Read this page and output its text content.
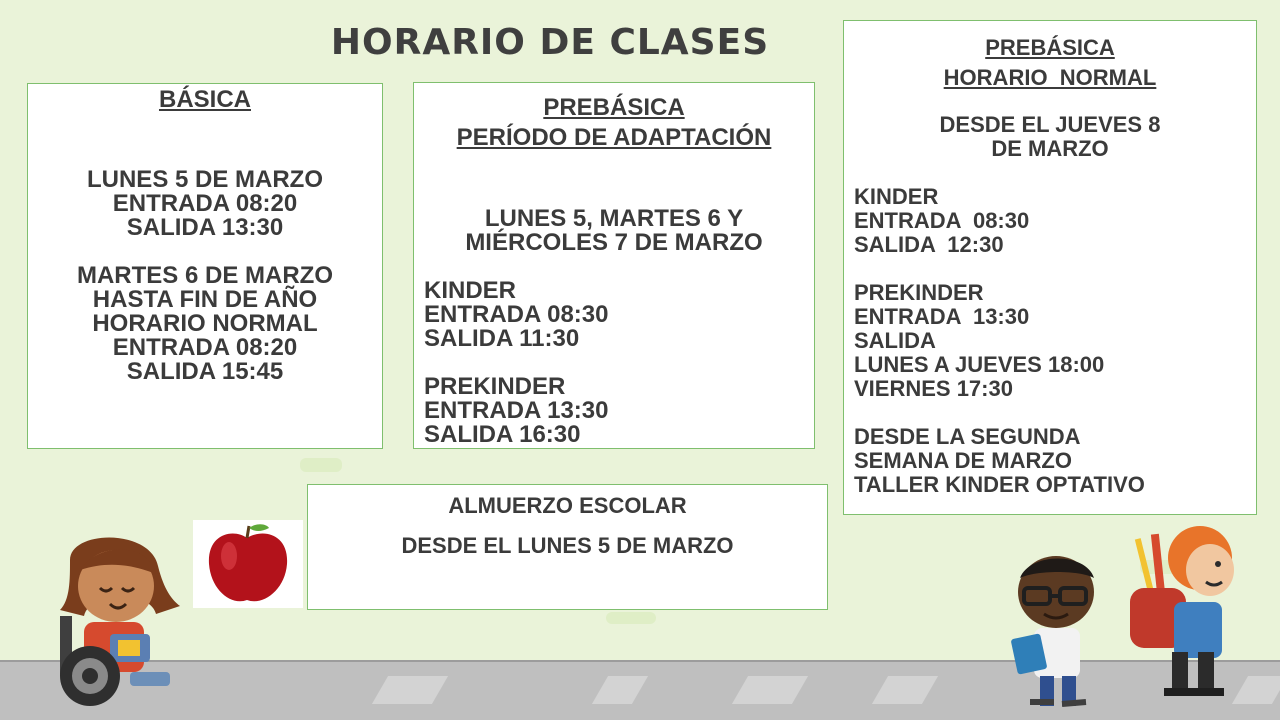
HORARIO DE CLASES
BÁSICA
LUNES 5 DE MARZO
ENTRADA 08:20
SALIDA 13:30
MARTES 6 DE MARZO
HASTA FIN DE AÑO
HORARIO NORMAL
ENTRADA 08:20
SALIDA 15:45
PREBÁSICA
PERÍODO DE ADAPTACIÓN
LUNES 5, MARTES 6 Y
MIÉRCOLES 7 DE MARZO
KINDER
ENTRADA 08:30
SALIDA 11:30
PREKINDER
ENTRADA 13:30
SALIDA 16:30
PREBÁSICA
HORARIO  NORMAL
DESDE EL JUEVES 8
DE MARZO
KINDER
ENTRADA  08:30
SALIDA  12:30
PREKINDER
ENTRADA  13:30
SALIDA
LUNES A JUEVES 18:00
VIERNES 17:30
DESDE LA SEGUNDA
SEMANA DE MARZO
TALLER KINDER OPTATIVO
ALMUERZO ESCOLAR
DESDE EL LUNES 5 DE MARZO
